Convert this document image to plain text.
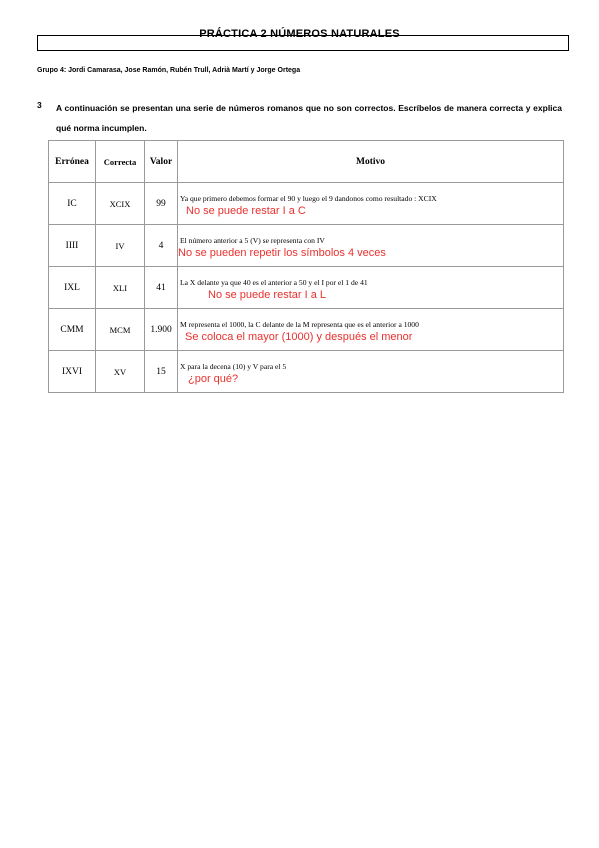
PRÁCTICA 2 NÚMEROS NATURALES
Grupo 4: Jordi Camarasa, Jose Ramón, Rubén Trull, Adrià Martí y Jorge Ortega
3 A continuación se presentan una serie de números romanos que no son correctos. Escríbelos de manera correcta y explica qué norma incumplen.
Errónea	Correcta	Valor	Motivo
IC	XCIX	99	Ya que primero debemos formar el 90 y luego el 9 dandonos como resultado : XCIX
No se puede restar I a C

IIII	IV	4	El número anterior a 5 (V) se representa con IV
No se pueden repetir los símbolos 4 veces

IXL	XLI	41	La X delante ya que 40 es el anterior a 50 y el I por el 1 de 41
No se puede restar I a L

CMM	MCM	1.900	M representa el 1000, la C delante de la M representa que es el anterior a 1000
Se coloca el mayor (1000) y después el menor

IXVI	XV	15	X para la decena (10) y V para el 5
¿por qué?
